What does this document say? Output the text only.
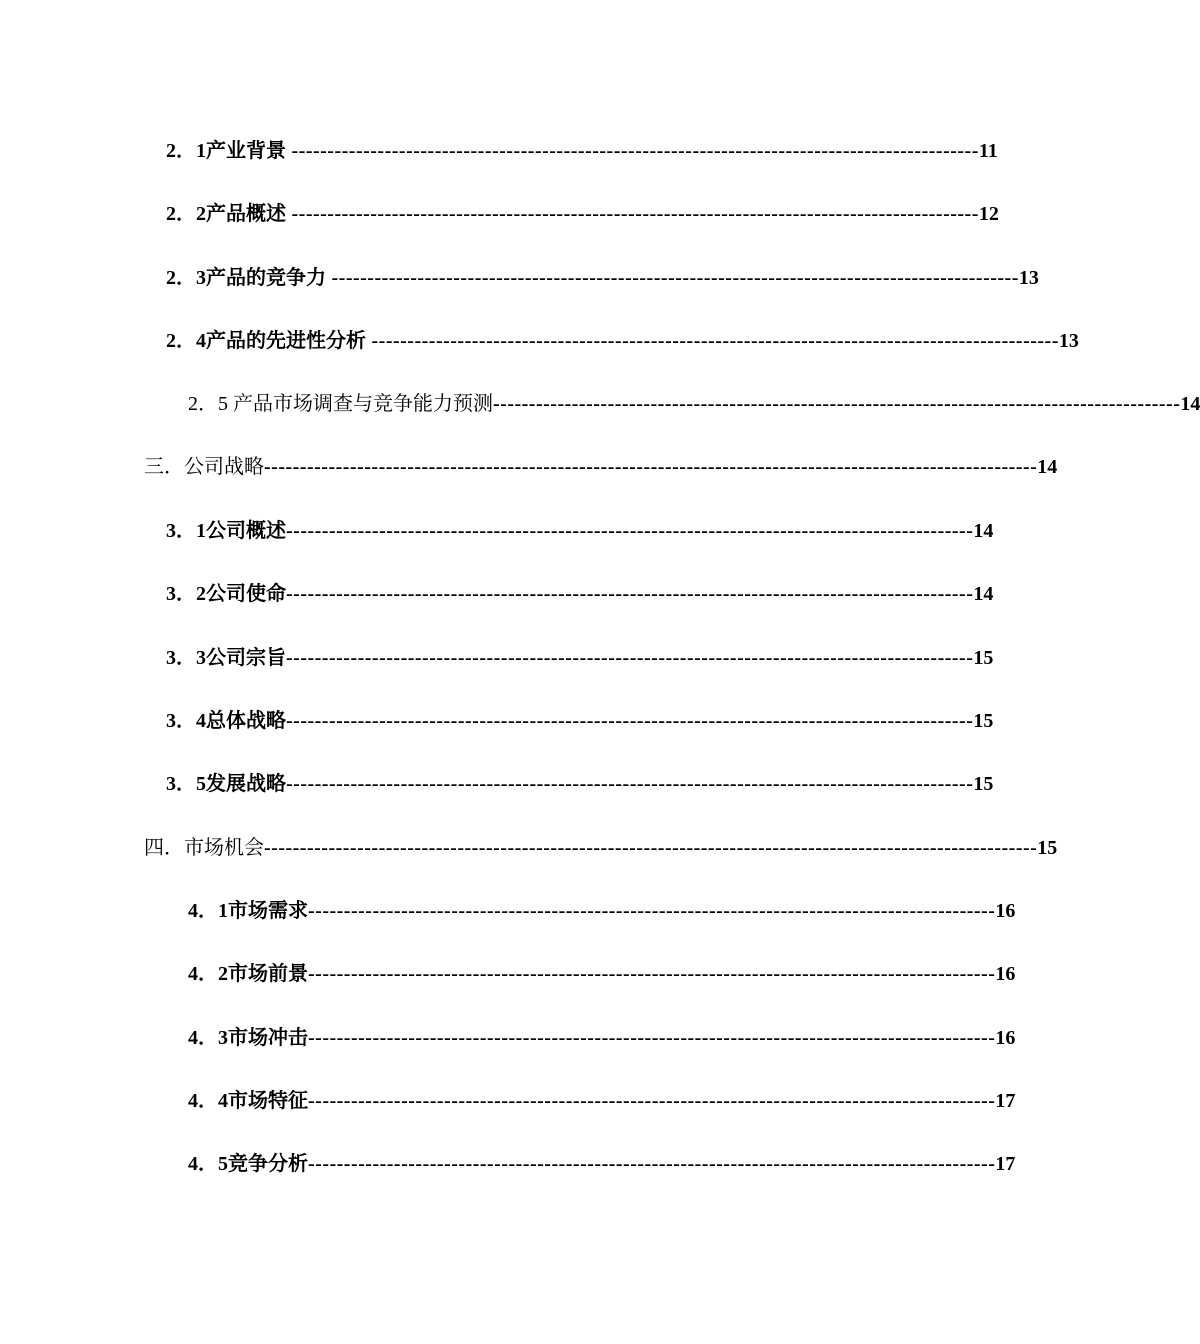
2．1 产业背景 ------------------------------------------------------------------------------------------------ 11
2．2 产品概述 ------------------------------------------------------------------------------------------------ 12
2．3 产品的竞争力 ------------------------------------------------------------------------------------------------ 13
2．4 产品的先进性分析 ------------------------------------------------------------------------------------------------ 13
2．5 产品市场调查与竞争能力预测 ------------------------------------------------------------------------------------------------ 14
三． 公司战略 ------------------------------------------------------------------------------------------------------------ 14
3．1 公司概述 ------------------------------------------------------------------------------------------------ 14
3．2 公司使命 ------------------------------------------------------------------------------------------------ 14
3．3 公司宗旨 ------------------------------------------------------------------------------------------------ 15
3．4 总体战略 ------------------------------------------------------------------------------------------------ 15
3．5 发展战略 ------------------------------------------------------------------------------------------------ 15
四． 市场机会 ------------------------------------------------------------------------------------------------------------ 15
4．1 市场需求 ------------------------------------------------------------------------------------------------ 16
4．2 市场前景 ------------------------------------------------------------------------------------------------ 16
4．3 市场冲击 ------------------------------------------------------------------------------------------------ 16
4．4 市场特征 ------------------------------------------------------------------------------------------------ 17
4．5 竞争分析 ------------------------------------------------------------------------------------------------ 17
